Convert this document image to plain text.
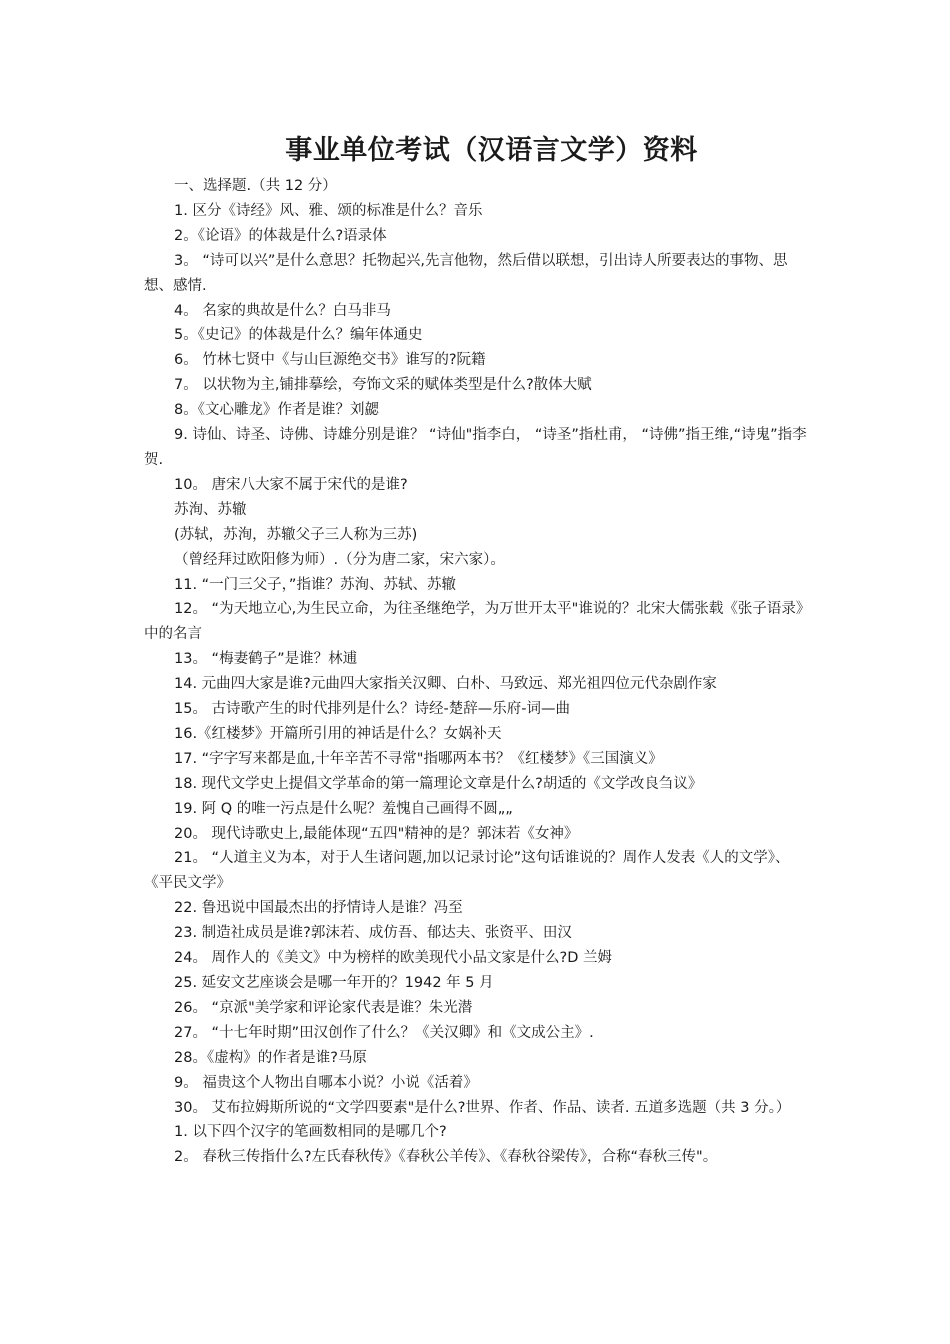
事业单位考试（汉语言文学）资料

一、选择题.（共 12 分）

1. 区分《诗经》风、雅、颂的标准是什么？音乐

2。《论语》的体裁是什么?语录体

3。 “诗可以兴”是什么意思？托物起兴,先言他物，然后借以联想，引出诗人所要表达的事物、思想、感情.

4。 名家的典故是什么？白马非马

5。《史记》的体裁是什么？编年体通史

6。 竹林七贤中《与山巨源绝交书》谁写的?阮籍

7。 以状物为主,铺排摹绘，夸饰文采的赋体类型是什么?散体大赋

8。《文心雕龙》作者是谁？刘勰

9. 诗仙、诗圣、诗佛、诗雄分别是谁？ “诗仙"指李白， “诗圣”指杜甫， “诗佛”指王维,“诗鬼”指李贺.

10。 唐宋八大家不属于宋代的是谁?

苏洵、苏辙

(苏轼，苏洵，苏辙父子三人称为三苏)

（曾经拜过欧阳修为师）.（分为唐二家，宋六家）。

11. “一门三父子，”指谁？苏洵、苏轼、苏辙

12。 “为天地立心,为生民立命，为往圣继绝学，为万世开太平"谁说的？北宋大儒张载《张子语录》中的名言

13。 “梅妻鹤子”是谁？林逋

14. 元曲四大家是谁?元曲四大家指关汉卿、白朴、马致远、郑光祖四位元代杂剧作家

15。 古诗歌产生的时代排列是什么？诗经-楚辞—乐府-词—曲

16.《红楼梦》开篇所引用的神话是什么？女娲补天

17. “字字写来都是血,十年辛苦不寻常"指哪两本书？《红楼梦》《三国演义》

18. 现代文学史上提倡文学革命的第一篇理论文章是什么?胡适的《文学改良刍议》

19. 阿 Q 的唯一污点是什么呢？羞愧自己画得不圆„„

20。 现代诗歌史上,最能体现“五四"精神的是？郭沫若《女神》

21。 “人道主义为本，对于人生诸问题,加以记录讨论”这句话谁说的？周作人发表《人的文学》、《平民文学》

22. 鲁迅说中国最杰出的抒情诗人是谁？冯至

23. 制造社成员是谁?郭沫若、成仿吾、郁达夫、张资平、田汉

24。 周作人的《美文》中为榜样的欧美现代小品文家是什么?D 兰姆

25. 延安文艺座谈会是哪一年开的？1942 年 5 月

26。 “京派"美学家和评论家代表是谁？朱光潜

27。 “十七年时期”田汉创作了什么？《关汉卿》和《文成公主》.

28。《虚构》的作者是谁?马原

9。 福贵这个人物出自哪本小说？小说《活着》

30。 艾布拉姆斯所说的“文学四要素"是什么?世界、作者、作品、读者. 五道多选题（共 3 分。）

1. 以下四个汉字的笔画数相同的是哪几个?

2。 春秋三传指什么?左氏春秋传》《春秋公羊传》、《春秋谷梁传》，合称“春秋三传"。
